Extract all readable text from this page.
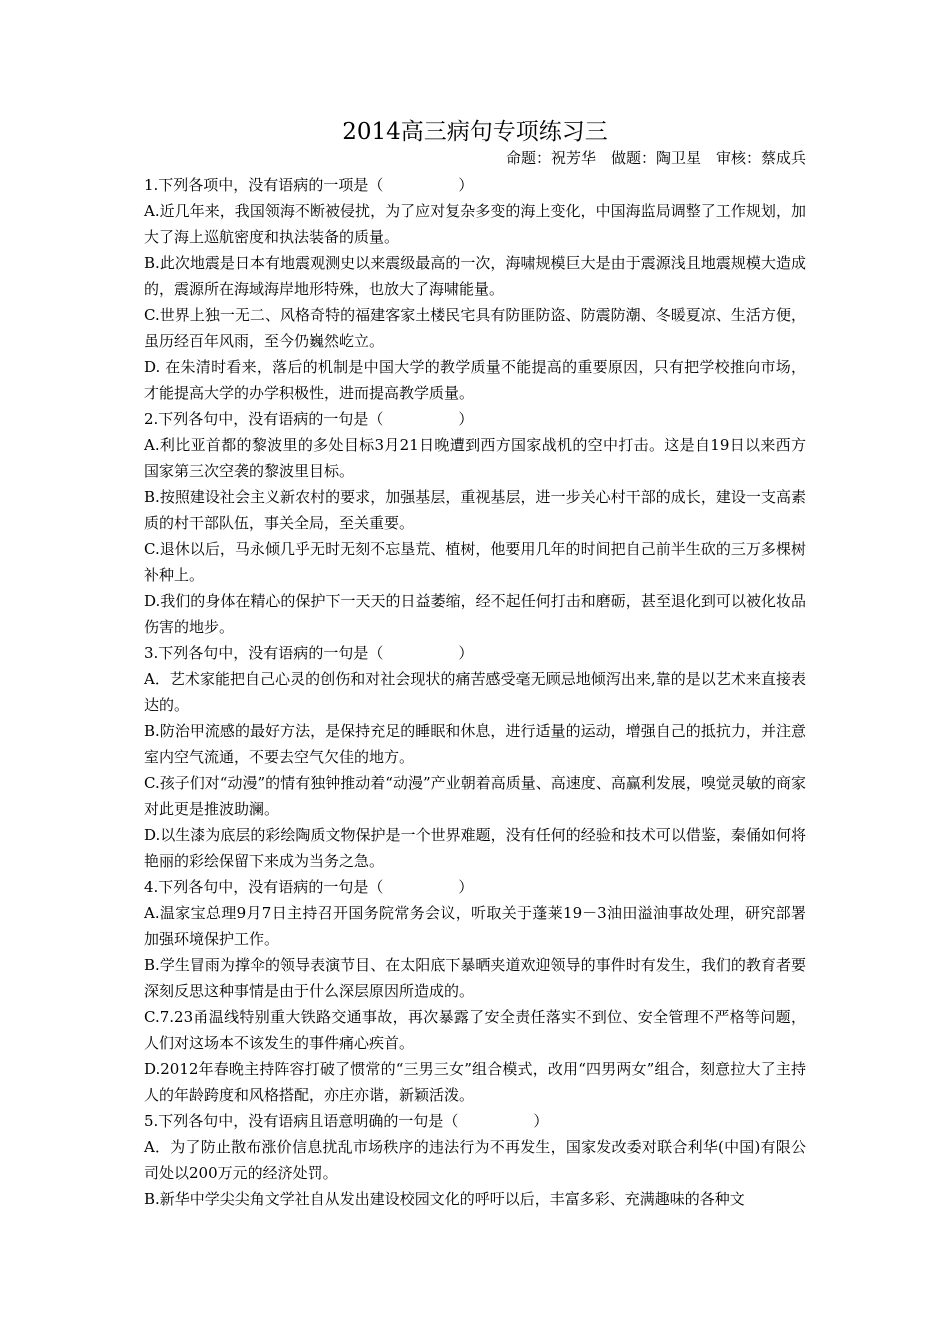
2014高三病句专项练习三

命题：祝芳华　做题：陶卫星　审核：蔡成兵

1.下列各项中，没有语病的一项是（　　　　　）

A.近几年来，我国领海不断被侵扰，为了应对复杂多变的海上变化，中国海监局调整了工作规划，加大了海上巡航密度和执法装备的质量。

B.此次地震是日本有地震观测史以来震级最高的一次，海啸规模巨大是由于震源浅且地震规模大造成的，震源所在海域海岸地形特殊，也放大了海啸能量。

C.世界上独一无二、风格奇特的福建客家土楼民宅具有防匪防盗、防震防潮、冬暖夏凉、生活方便，虽历经百年风雨，至今仍巍然屹立。

D. 在朱清时看来，落后的机制是中国大学的教学质量不能提高的重要原因，只有把学校推向市场，才能提高大学的办学积极性，进而提高教学质量。

2.下列各句中，没有语病的一句是（　　　　　）

A.利比亚首都的黎波里的多处目标3月21日晚遭到西方国家战机的空中打击。这是自19日以来西方国家第三次空袭的黎波里目标。

B.按照建设社会主义新农村的要求，加强基层，重视基层，进一步关心村干部的成长，建设一支高素质的村干部队伍，事关全局，至关重要。

C.退休以后，马永倾几乎无时无刻不忘垦荒、植树，他要用几年的时间把自己前半生砍的三万多棵树补种上。

D.我们的身体在精心的保护下一天天的日益萎缩，经不起任何打击和磨砺，甚至退化到可以被化妆品伤害的地步。

3.下列各句中，没有语病的一句是（　　　　　）

A．艺术家能把自己心灵的创伤和对社会现状的痛苦感受毫无顾忌地倾泻出来,靠的是以艺术来直接表达的。

B.防治甲流感的最好方法，是保持充足的睡眠和休息，进行适量的运动，增强自己的抵抗力，并注意室内空气流通，不要去空气欠佳的地方。

C.孩子们对“动漫”的情有独钟推动着“动漫”产业朝着高质量、高速度、高赢利发展，嗅觉灵敏的商家对此更是推波助澜。

D.以生漆为底层的彩绘陶质文物保护是一个世界难题，没有任何的经验和技术可以借鉴，秦俑如何将艳丽的彩绘保留下来成为当务之急。

4.下列各句中，没有语病的一句是（　　　　　）

A.温家宝总理9月7日主持召开国务院常务会议，听取关于蓬莱19－3油田溢油事故处理，研究部署加强环境保护工作。

B.学生冒雨为撑伞的领导表演节目、在太阳底下暴晒夹道欢迎领导的事件时有发生，我们的教育者要深刻反思这种事情是由于什么深层原因所造成的。

C.7.23甬温线特别重大铁路交通事故，再次暴露了安全责任落实不到位、安全管理不严格等问题，人们对这场本不该发生的事件痛心疾首。

D.2012年春晚主持阵容打破了惯常的“三男三女”组合模式，改用“四男两女”组合，刻意拉大了主持人的年龄跨度和风格搭配，亦庄亦谐，新颖活泼。

5.下列各句中，没有语病且语意明确的一句是（　　　　　）

A．为了防止散布涨价信息扰乱市场秩序的违法行为不再发生，国家发改委对联合利华(中国)有限公司处以200万元的经济处罚。

B.新华中学尖尖角文学社自从发出建设校园文化的呼吁以后，丰富多彩、充满趣味的各种文
